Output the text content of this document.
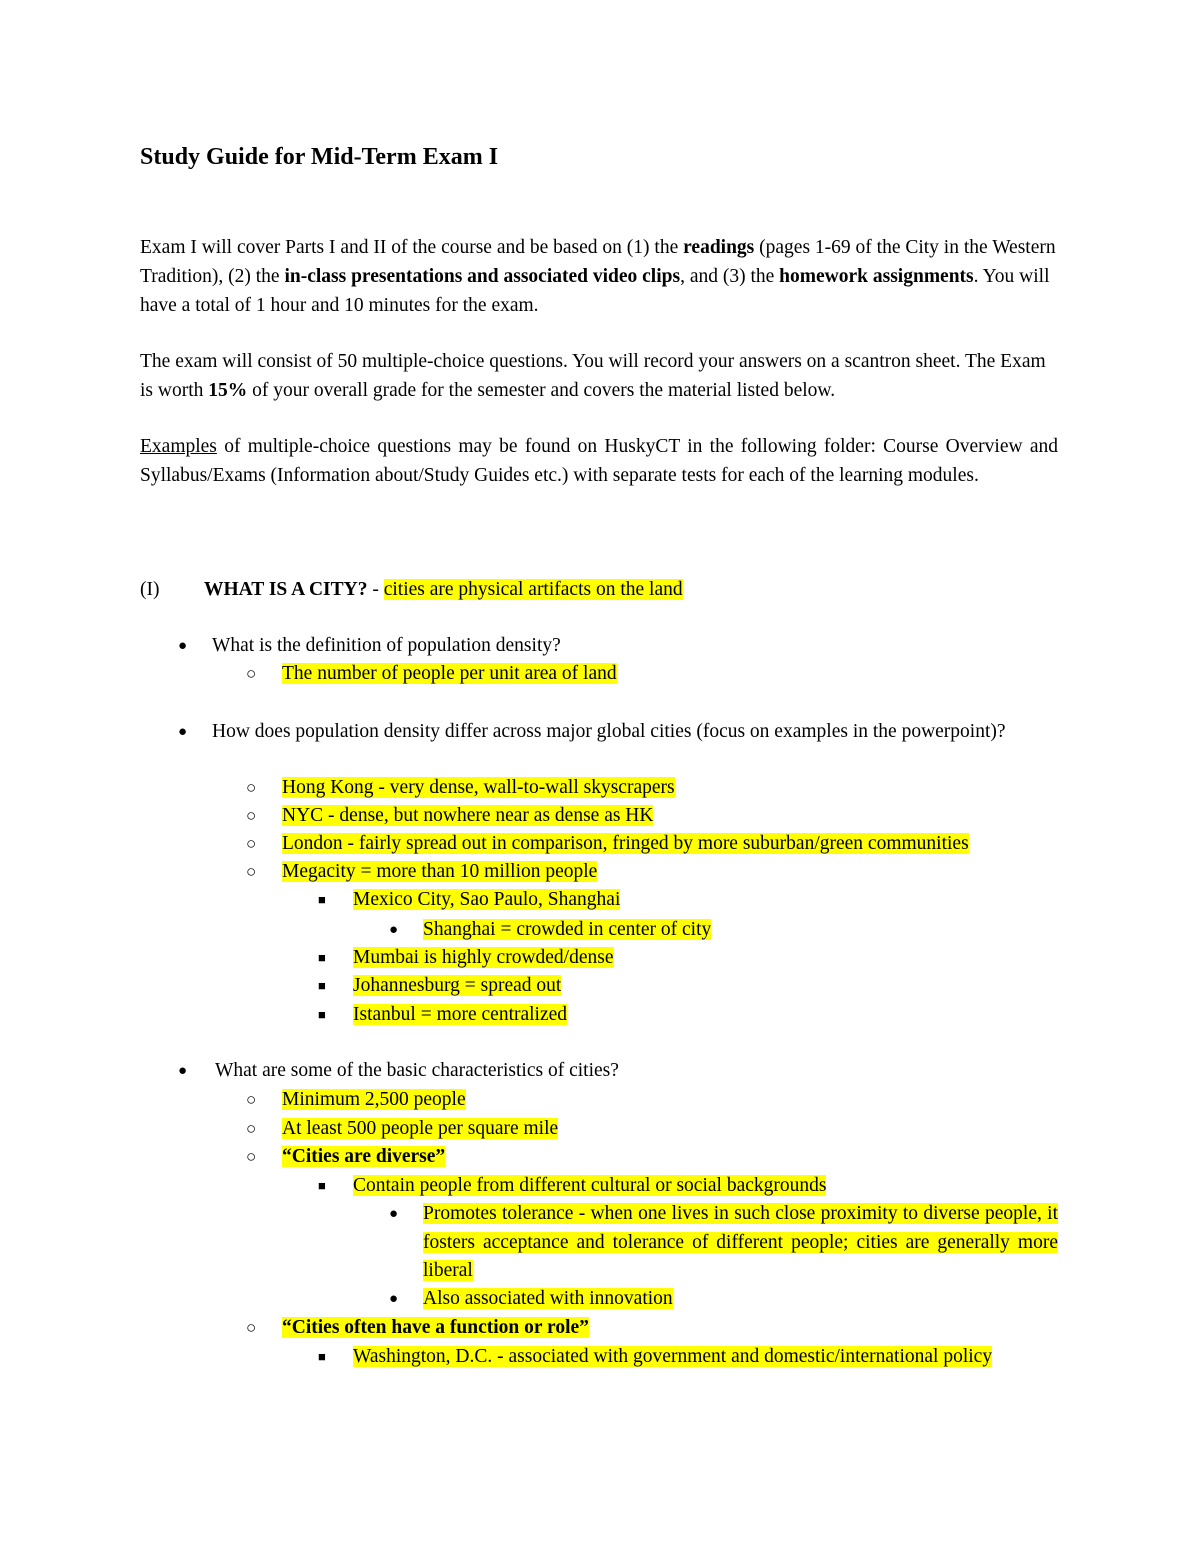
Study Guide for Mid-Term Exam I
Exam I will cover Parts I and II of the course and be based on (1) the readings (pages 1-69 of the City in the Western Tradition), (2) the in-class presentations and associated video clips, and (3) the homework assignments. You will have a total of 1 hour and 10 minutes for the exam.
The exam will consist of 50 multiple-choice questions. You will record your answers on a scantron sheet. The Exam is worth 15% of your overall grade for the semester and covers the material listed below.
Examples of multiple-choice questions may be found on HuskyCT in the following folder: Course Overview and Syllabus/Exams (Information about/Study Guides etc.) with separate tests for each of the learning modules.
(I) WHAT IS A CITY? - cities are physical artifacts on the land
● What is the definition of population density?
○ The number of people per unit area of land
● How does population density differ across major global cities (focus on examples in the powerpoint)?
○ Hong Kong - very dense, wall-to-wall skyscrapers
○ NYC - dense, but nowhere near as dense as HK
○ London - fairly spread out in comparison, fringed by more suburban/green communities
○ Megacity = more than 10 million people
■ Mexico City, Sao Paulo, Shanghai
● Shanghai = crowded in center of city
■ Mumbai is highly crowded/dense
■ Johannesburg = spread out
■ Istanbul = more centralized
● What are some of the basic characteristics of cities?
○ Minimum 2,500 people
○ At least 500 people per square mile
○ “Cities are diverse”
■ Contain people from different cultural or social backgrounds
● Promotes tolerance - when one lives in such close proximity to diverse people, it fosters acceptance and tolerance of different people; cities are generally more liberal
● Also associated with innovation
○ “Cities often have a function or role”
■ Washington, D.C. - associated with government and domestic/international policy
